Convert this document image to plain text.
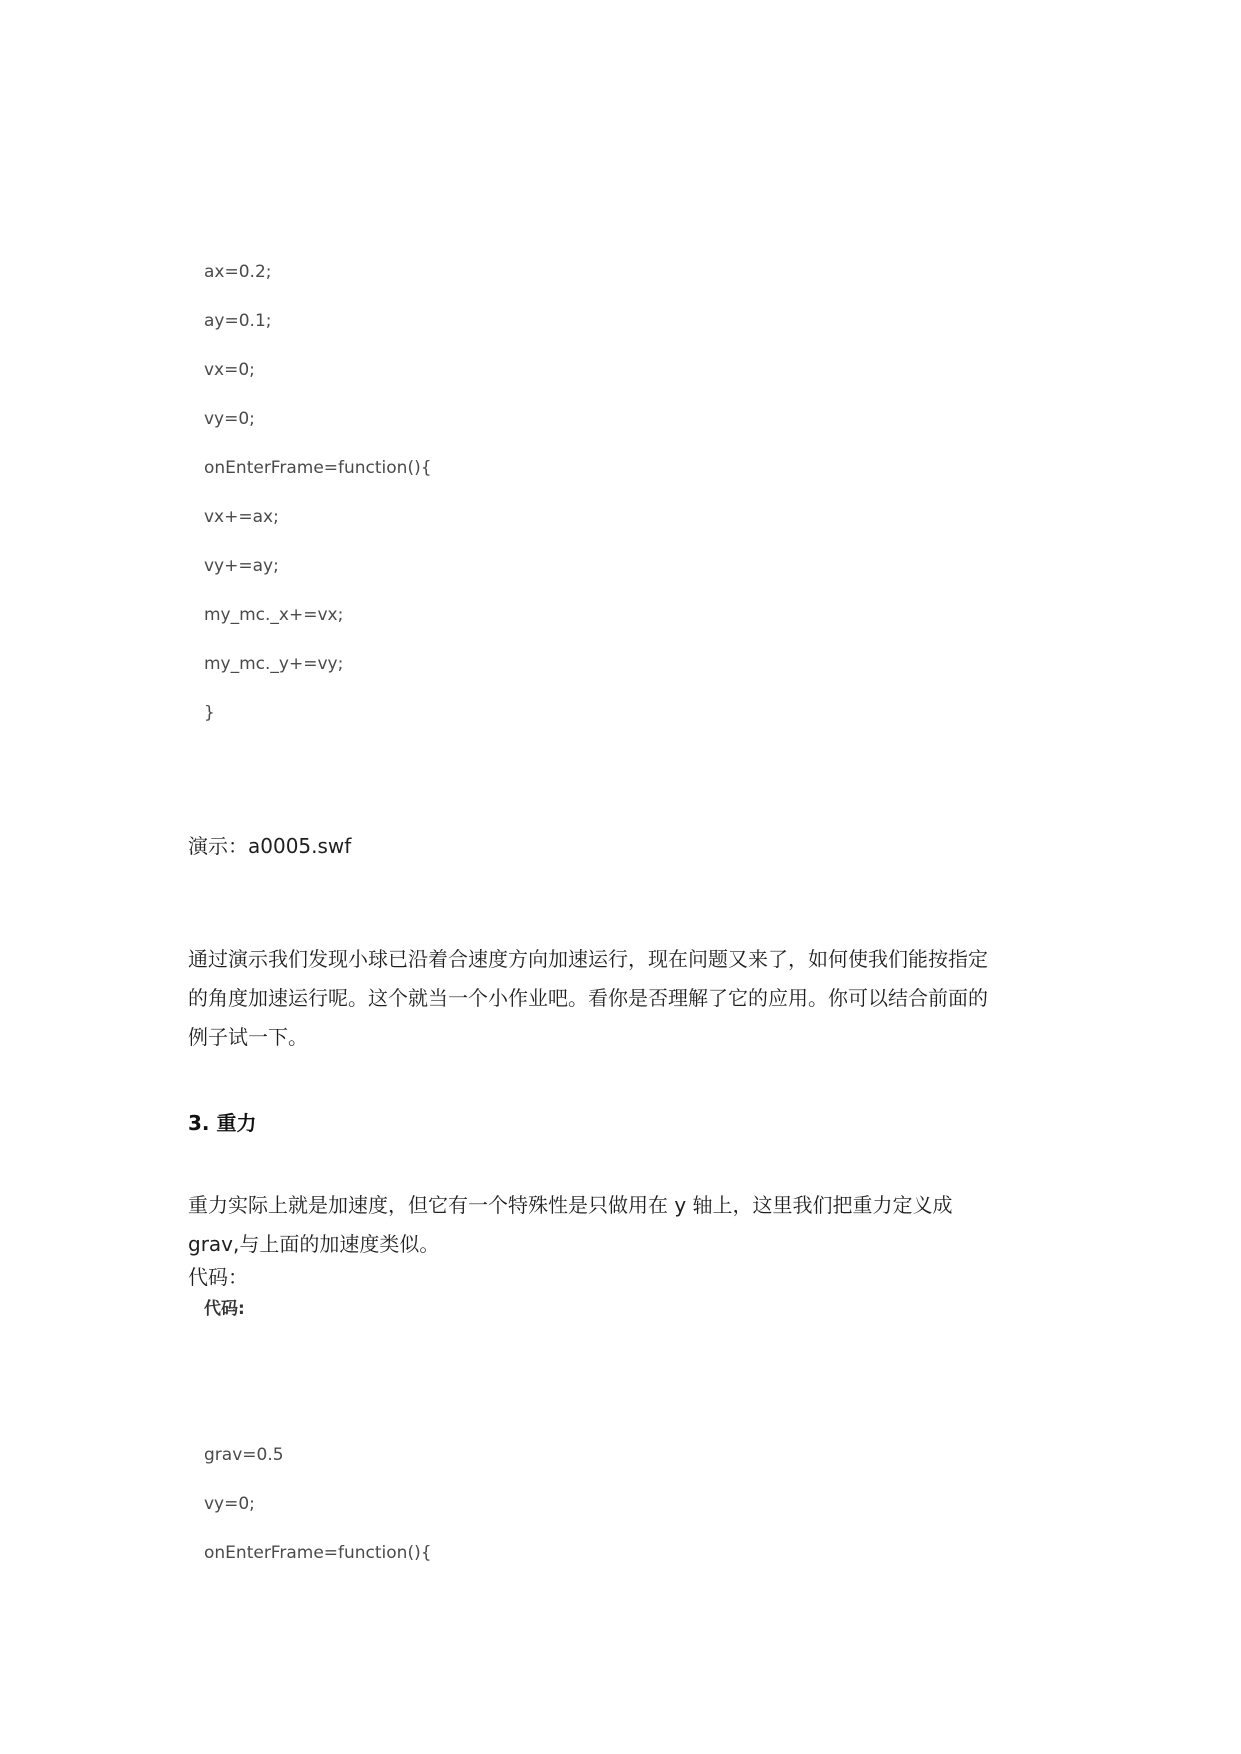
ax=0.2;
ay=0.1;
vx=0;
vy=0;
onEnterFrame=function(){
vx+=ax;
vy+=ay;
my_mc._x+=vx;
my_mc._y+=vy;
}
演示：a0005.swf
通过演示我们发现小球已沿着合速度方向加速运行，现在问题又来了，如何使我们能按指定
的角度加速运行呢。这个就当一个小作业吧。看你是否理解了它的应用。你可以结合前面的
例子试一下。
3. 重力
重力实际上就是加速度，但它有一个特殊性是只做用在 y 轴上，这里我们把重力定义成
grav,与上面的加速度类似。
代码：
代码:
grav=0.5
vy=0;
onEnterFrame=function(){
